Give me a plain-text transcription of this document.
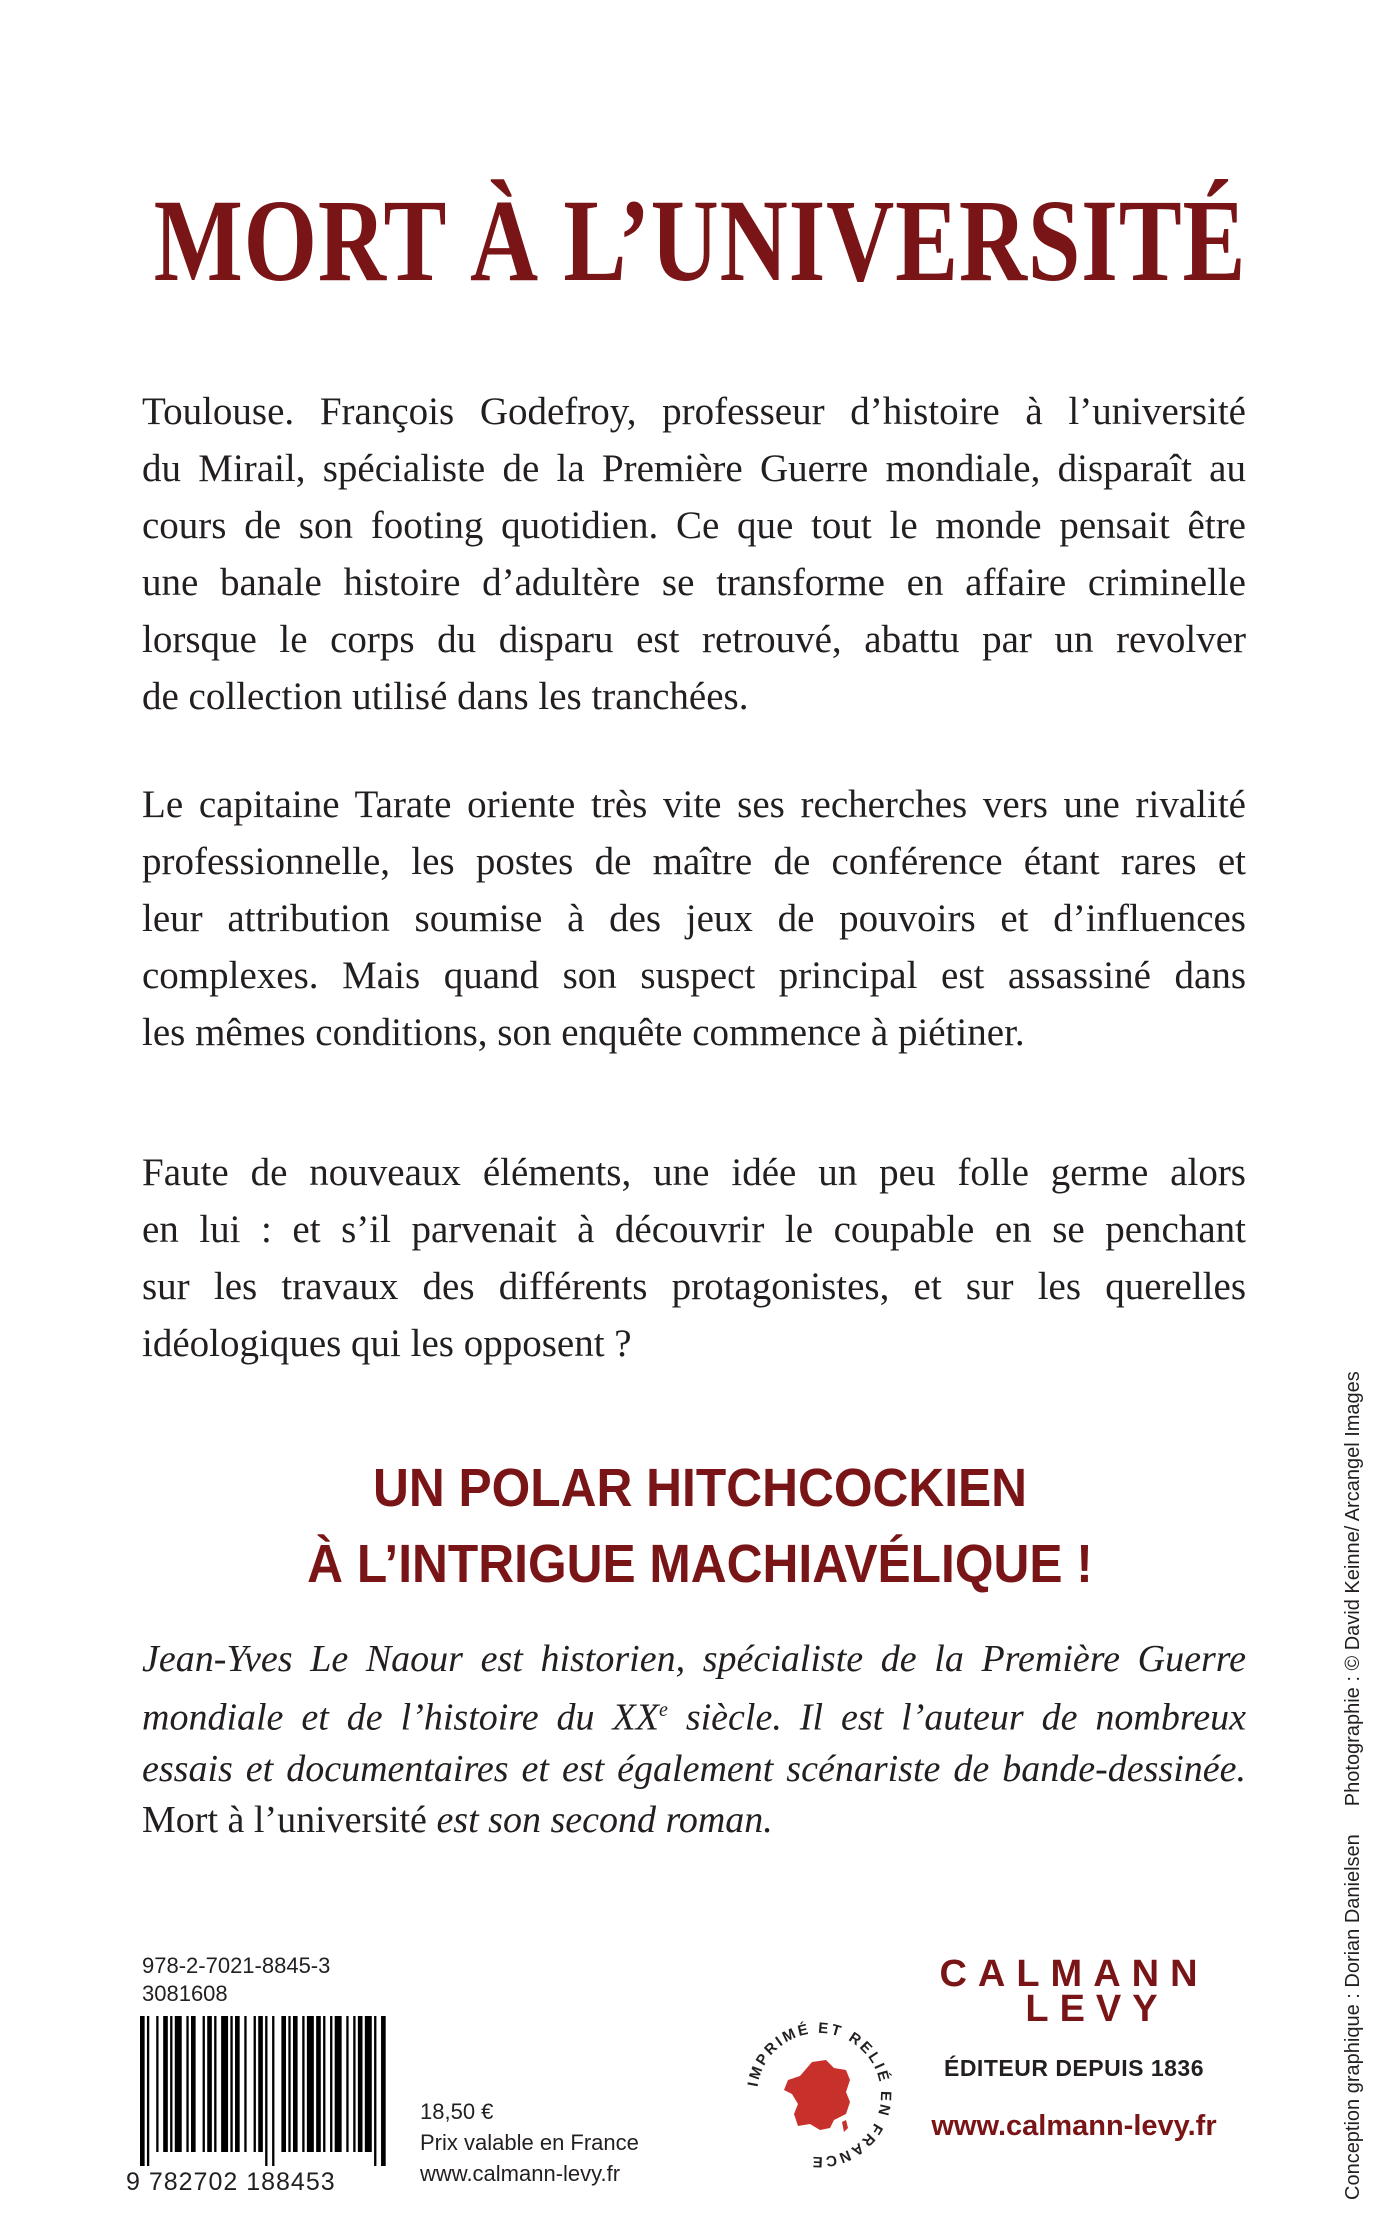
MORT À L’UNIVERSITÉ
Toulouse. François Godefroy, professeur d’histoire à l’université
du Mirail, spécialiste de la Première Guerre mondiale, disparaît au
cours de son footing quotidien. Ce que tout le monde pensait être
une banale histoire d’adultère se transforme en affaire criminelle
lorsque le corps du disparu est retrouvé, abattu par un revolver
de collection utilisé dans les tranchées.
Le capitaine Tarate oriente très vite ses recherches vers une rivalité
professionnelle, les postes de maître de conférence étant rares et
leur attribution soumise à des jeux de pouvoirs et d’influences
complexes. Mais quand son suspect principal est assassiné dans
les mêmes conditions, son enquête commence à piétiner.
Faute de nouveaux éléments, une idée un peu folle germe alors
en lui : et s’il parvenait à découvrir le coupable en se penchant
sur les travaux des différents protagonistes, et sur les querelles
idéologiques qui les opposent ?
UN POLAR HITCHCOCKIEN
À L’INTRIGUE MACHIAVÉLIQUE !
Jean-Yves Le Naour est historien, spécialiste de la Première Guerre
mondiale et de l’histoire du XXe siècle. Il est l’auteur de nombreux
essais et documentaires et est également scénariste de bande-dessinée.
Mort à l’université est son second roman.
978-2-7021-8845-3
3081608
9 782702 188453
18,50 €
Prix valable en France
www.calmann-levy.fr
IMPRIMÉ ET RELIÉ EN FRANCE
CALMANN
LEVY
ÉDITEUR DEPUIS 1836
www.calmann-levy.fr	Conception graphique : Dorian DanielsenPhotographie : © David Keinne/ Arcangel Images
